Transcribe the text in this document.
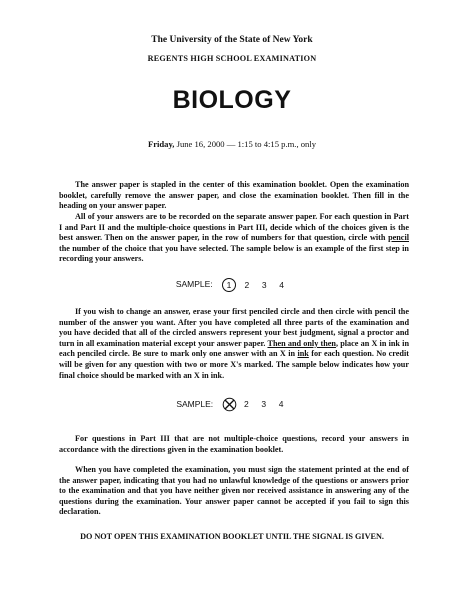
The University of the State of New York
REGENTS HIGH SCHOOL EXAMINATION
BIOLOGY
Friday, June 16, 2000 — 1:15 to 4:15 p.m., only

The answer paper is stapled in the center of this examination booklet. Open the examination booklet, carefully remove the answer paper, and close the examination booklet. Then fill in the heading on your answer paper.

All of your answers are to be recorded on the separate answer paper. For each question in Part I and Part II and the multiple-choice questions in Part III, decide which of the choices given is the best answer. Then on the answer paper, in the row of numbers for that question, circle with pencil the number of the choice that you have selected. The sample below is an example of the first step in recording your answers.

SAMPLE: 1 2 3 4

If you wish to change an answer, erase your first penciled circle and then circle with pencil the number of the answer you want. After you have completed all three parts of the examination and you have decided that all of the circled answers represent your best judgment, signal a proctor and turn in all examination material except your answer paper. Then and only then, place an X in ink in each penciled circle. Be sure to mark only one answer with an X in ink for each question. No credit will be given for any question with two or more X's marked. The sample below indicates how your final choice should be marked with an X in ink.

SAMPLE:	2 3 4

For questions in Part III that are not multiple-choice questions, record your answers in accordance with the directions given in the examination booklet.

When you have completed the examination, you must sign the statement printed at the end of the answer paper, indicating that you had no unlawful knowledge of the questions or answers prior to the examination and that you have neither given nor received assistance in answering any of the questions during the examination. Your answer paper cannot be accepted if you fail to sign this declaration.

DO NOT OPEN THIS EXAMINATION BOOKLET UNTIL THE SIGNAL IS GIVEN.
